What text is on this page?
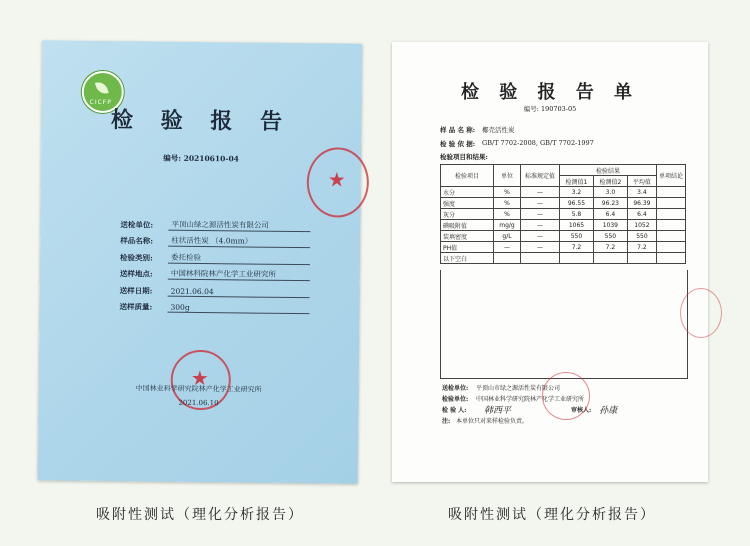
CICFP
检 验 报 告
编号: 20210610-04
★
送检单位:	平顶山绿之源活性炭有限公司
样品名称:	柱状活性炭 （4.0mm）
检验类别:	委托检验
送样地点:	中国林科院林产化学工业研究所
送样日期:	2021.06.04
送样质量:	300g
★
中国林业科学研究院林产化学工业研究所
2021.06.10
检 验 报 告 单
编号: 190703-05
样 品 名 称:	椰壳活性炭
检 验 依 据:	GB/T 7702-2008, GB/T 7702-1997
检验项目和结果:
检验项目	单位	标准规定值	检验结果			单项结论
			检测值1	检测值2	平均值	
水分	%	—	3.2	3.0	3.4	
强度	%	—	96.55	96.23	96.39	
灰分	%	—	5.8	6.4	6.4	
碘吸附值	mg/g	—	1065	1039	1052	
装填密度	g/L	—	550	550	550	
PH值	—	—	7.2	7.2	7.2	
以下空白						
送检单位:	平顶山市绿之源活性炭有限公司
检验单位:	中国林业科学研究院林产化学工业研究所
检 验 人:	韩西平	审核人: 孙康
注: 本单位只对来样检验负责。
吸附性测试（理化分析报告）	吸附性测试（理化分析报告）
